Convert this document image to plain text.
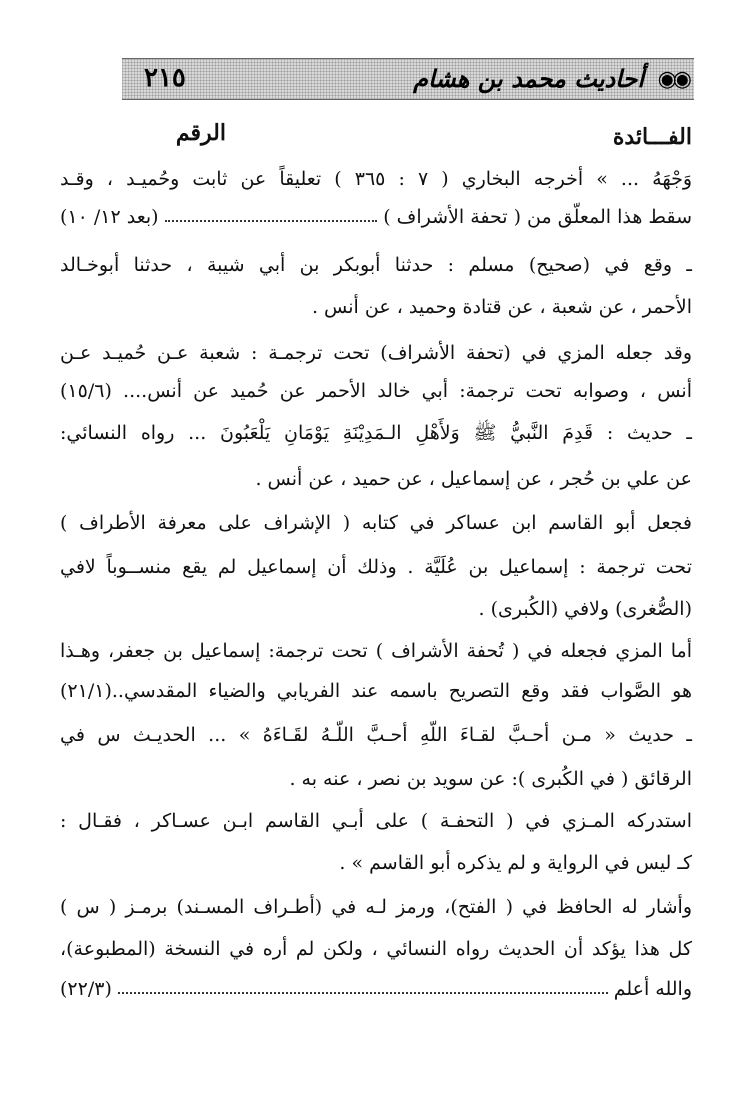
◉◉
أحاديث محمد بن هشام
٢١٥
الفـــائدة
الرقم
وَجْهَهُ ... » أخرجه البخاري ( ٧ : ٣٦٥ ) تعليقاً عن ثابت وحُميـد ، وقـد
سقط هذا المعلّق من ( تحفة الأشراف )
(بعد ١٢/ ١٠)
ـ وقع في (صحيح) مسلم : حدثنا أبوبكر بن أبي شيبة ، حدثنا أبوخـالد
الأحمر ، عن شعبة ، عن قتادة وحميد ، عن أنس .
وقد جعله المزي في (تحفة الأشراف) تحت ترجمـة : شعبة عـن حُميـد عـن
أنس ، وصوابه تحت ترجمة: أبي خالد الأحمر عن حُميد عن أنس.... (١٥/٦)
ـ حديث : قَدِمَ النَّبيُّ ﷺ وَلأَهْلِ الـمَدِيْنَةِ يَوْمَانِ يَلْعَبُونَ ... رواه النسائي:
عن علي بن حُجر ، عن إسماعيل ، عن حميد ، عن أنس .
فجعل أبو القاسم ابن عساكر في كتابه ( الإشراف على معرفة الأطراف )
تحت ترجمة : إسماعيل بن عُلَيَّة . وذلك أن إسماعيل لم يقع منســوباً لافي
(الصُّغرى) ولافي (الكُبرى) .
أما المزي فجعله في ( تُحفة الأشراف ) تحت ترجمة: إسماعيل بن جعفر، وهـذا
هو الصَّواب فقد وقع التصريح باسمه عند الفريابي والضياء المقدسي..(٢١/١)
ـ حديث « مـن أحـبَّ لقـاءَ اللّهِ أحـبَّ اللّـهُ لقَـاءَهُ » ... الحديـث س في
الرقائق ( في الكُبرى ): عن سويد بن نصر ، عنه به .
استدركه المـزي في ( التحفـة ) على أبـي القاسم ابـن عسـاكر ، فقـال :
كـ ليس في الرواية و لم يذكره أبو القاسم » .
وأشار له الحافظ في ( الفتح)، ورمز لـه في (أطـراف المسـند) برمـز ( س )
كل هذا يؤكد أن الحديث رواه النسائي ، ولكن لم أره في النسخة (المطبوعة)،
والله أعلم
(٢٢/٣)
